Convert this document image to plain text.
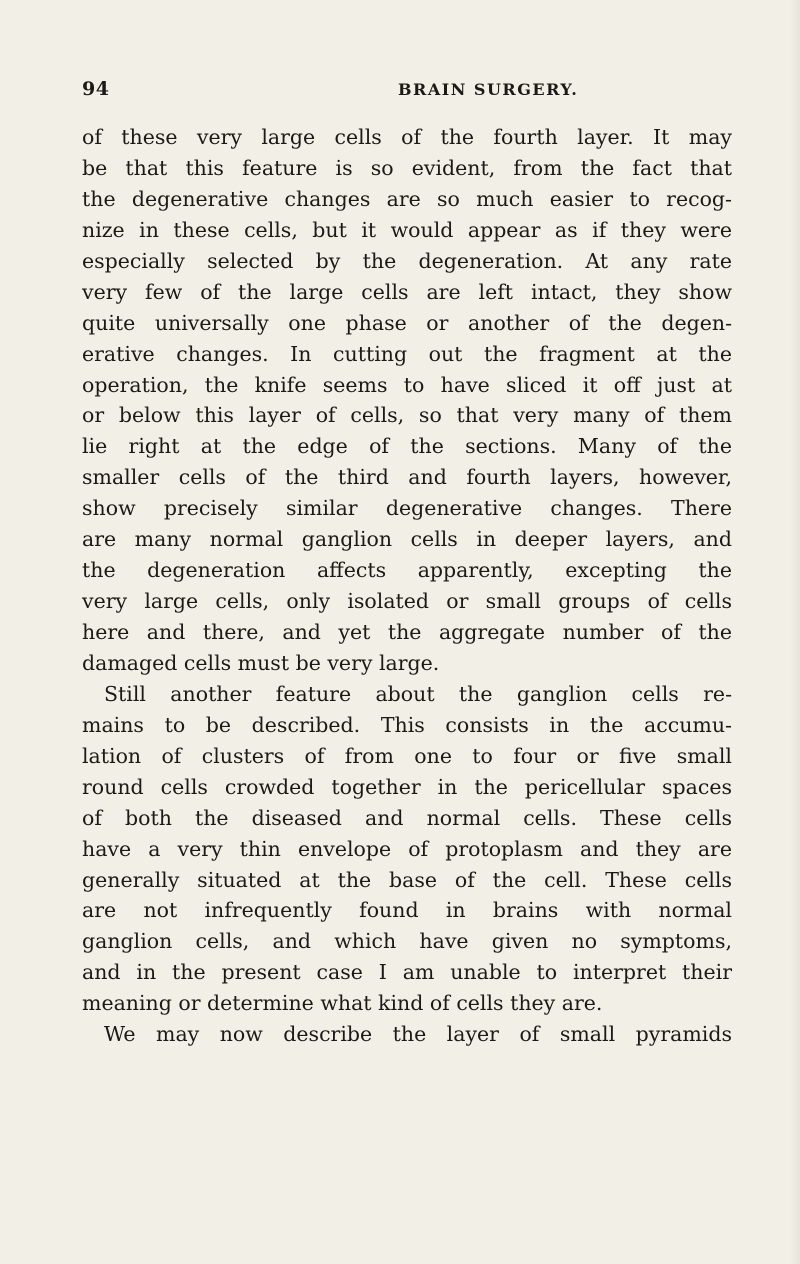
94	BRAIN SURGERY.
of these very large cells of the fourth layer. It may
be that this feature is so evident, from the fact that
the degenerative changes are so much easier to recog-
nize in these cells, but it would appear as if they were
especially selected by the degeneration. At any rate
very few of the large cells are left intact, they show
quite universally one phase or another of the degen-
erative changes. In cutting out the fragment at the
operation, the knife seems to have sliced it off just at
or below this layer of cells, so that very many of them
lie right at the edge of the sections. Many of the
smaller cells of the third and fourth layers, however,
show precisely similar degenerative changes. There
are many normal ganglion cells in deeper layers, and
the degeneration affects apparently, excepting the
very large cells, only isolated or small groups of cells
here and there, and yet the aggregate number of the
damaged cells must be very large.
Still another feature about the ganglion cells re-
mains to be described. This consists in the accumu-
lation of clusters of from one to four or five small
round cells crowded together in the pericellular spaces
of both the diseased and normal cells. These cells
have a very thin envelope of protoplasm and they are
generally situated at the base of the cell. These cells
are not infrequently found in brains with normal
ganglion cells, and which have given no symptoms,
and in the present case I am unable to interpret their
meaning or determine what kind of cells they are.
We may now describe the layer of small pyramids
